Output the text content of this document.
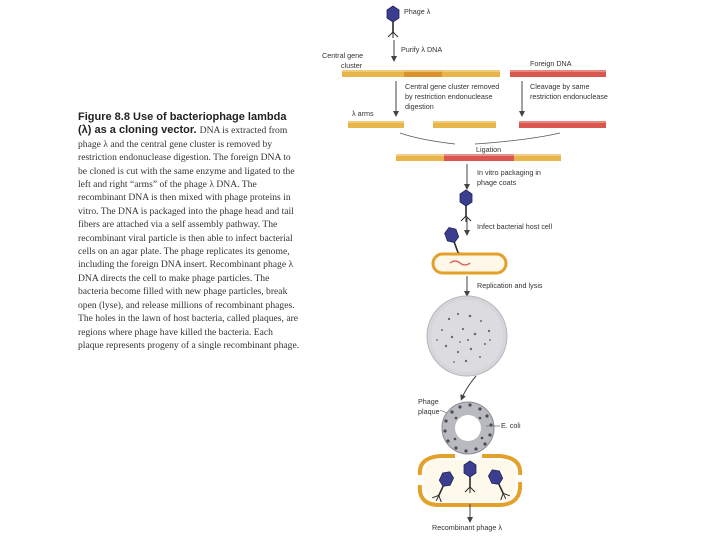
Figure 8.8 Use of bacteriophage lambda (λ) as a cloning vector. DNA is extracted from phage λ and the central gene cluster is removed by restriction endonuclease digestion. The foreign DNA to be cloned is cut with the same enzyme and ligated to the left and right “arms” of the phage λ DNA. The recombinant DNA is then mixed with phage proteins in vitro. The DNA is packaged into the phage head and tail fibers are attached via a self assembly pathway. The recombinant viral particle is then able to infect bacterial cells on an agar plate. The phage replicates its genome, including the foreign DNA insert. Recombinant phage λ DNA directs the cell to make phage particles. The bacteria become filled with new phage particles, break open (lyse), and release millions of recombinant phages. The holes in the lawn of host bacteria, called plaques, are regions where phage have killed the bacteria. Each plaque represents progeny of a single recombinant phage.
Phage λ
Purify λ DNA
Central gene
cluster	Foreign DNA
Central gene cluster removed
by restriction endonuclease
digestion
Cleavage by same
restriction endonuclease
λ arms
Ligation
In vitro packaging in
phage coats
Infect bacterial host cell
Replication and lysis
Phage
plaque
E. coli
Recombinant phage λ
